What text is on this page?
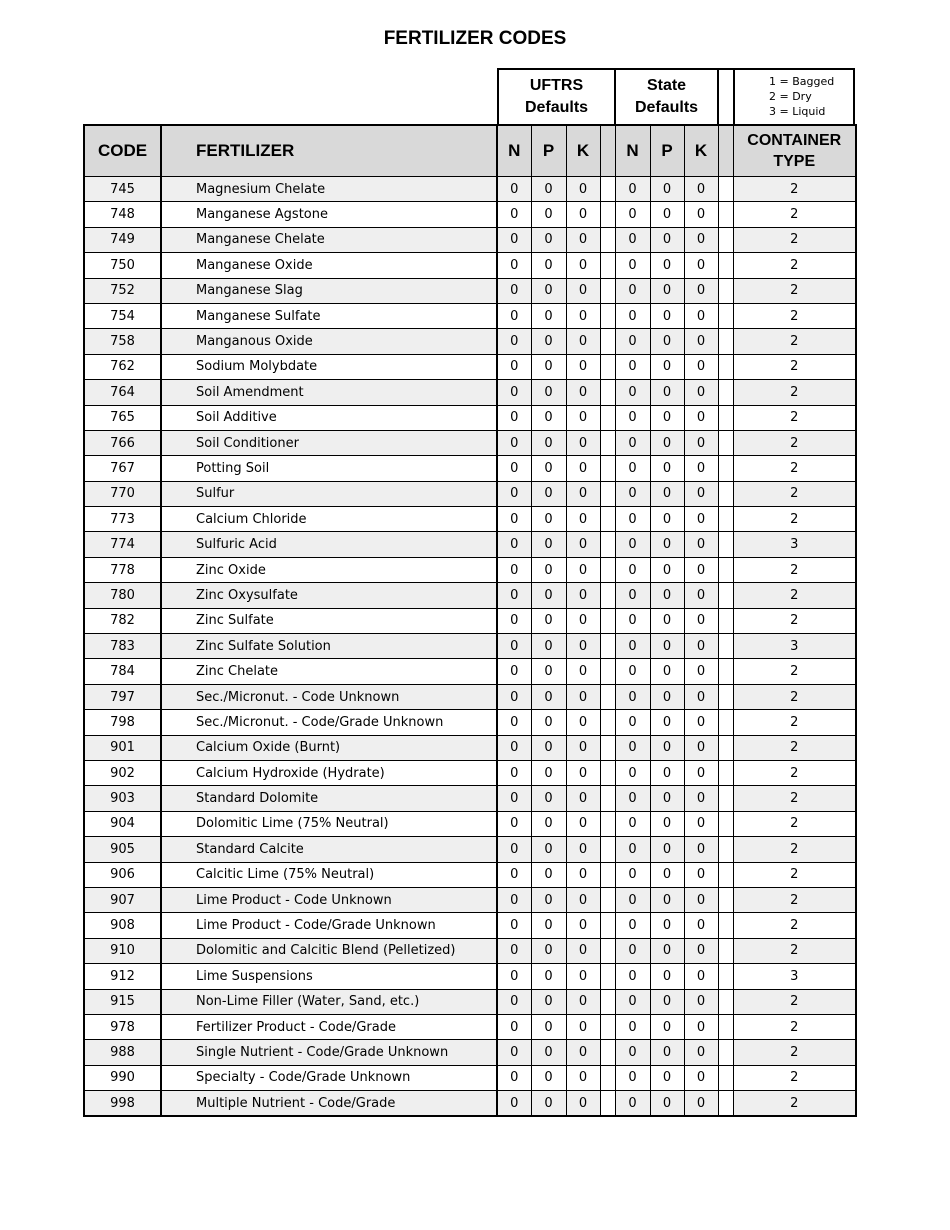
FERTILIZER CODES
UFTRS
Defaults
State
Defaults
1 = Bagged
2 = Dry
3 = Liquid
CODE	FERTILIZER	N	P	K		N	P	K		CONTAINER
TYPE
745	Magnesium Chelate	0	0	0		0	0	0		2
748	Manganese Agstone	0	0	0		0	0	0		2
749	Manganese Chelate	0	0	0		0	0	0		2
750	Manganese Oxide	0	0	0		0	0	0		2
752	Manganese Slag	0	0	0		0	0	0		2
754	Manganese Sulfate	0	0	0		0	0	0		2
758	Manganous Oxide	0	0	0		0	0	0		2
762	Sodium Molybdate	0	0	0		0	0	0		2
764	Soil Amendment	0	0	0		0	0	0		2
765	Soil Additive	0	0	0		0	0	0		2
766	Soil Conditioner	0	0	0		0	0	0		2
767	Potting Soil	0	0	0		0	0	0		2
770	Sulfur	0	0	0		0	0	0		2
773	Calcium Chloride	0	0	0		0	0	0		2
774	Sulfuric Acid	0	0	0		0	0	0		3
778	Zinc Oxide	0	0	0		0	0	0		2
780	Zinc Oxysulfate	0	0	0		0	0	0		2
782	Zinc Sulfate	0	0	0		0	0	0		2
783	Zinc Sulfate Solution	0	0	0		0	0	0		3
784	Zinc Chelate	0	0	0		0	0	0		2
797	Sec./Micronut. - Code Unknown	0	0	0		0	0	0		2
798	Sec./Micronut. - Code/Grade Unknown	0	0	0		0	0	0		2
901	Calcium Oxide (Burnt)	0	0	0		0	0	0		2
902	Calcium Hydroxide (Hydrate)	0	0	0		0	0	0		2
903	Standard Dolomite	0	0	0		0	0	0		2
904	Dolomitic Lime (75% Neutral)	0	0	0		0	0	0		2
905	Standard Calcite	0	0	0		0	0	0		2
906	Calcitic Lime (75% Neutral)	0	0	0		0	0	0		2
907	Lime Product - Code Unknown	0	0	0		0	0	0		2
908	Lime Product - Code/Grade Unknown	0	0	0		0	0	0		2
910	Dolomitic and Calcitic Blend (Pelletized)	0	0	0		0	0	0		2
912	Lime Suspensions	0	0	0		0	0	0		3
915	Non-Lime Filler (Water, Sand, etc.)	0	0	0		0	0	0		2
978	Fertilizer Product - Code/Grade	0	0	0		0	0	0		2
988	Single Nutrient - Code/Grade Unknown	0	0	0		0	0	0		2
990	Specialty - Code/Grade Unknown	0	0	0		0	0	0		2
998	Multiple Nutrient - Code/Grade	0	0	0		0	0	0		2
